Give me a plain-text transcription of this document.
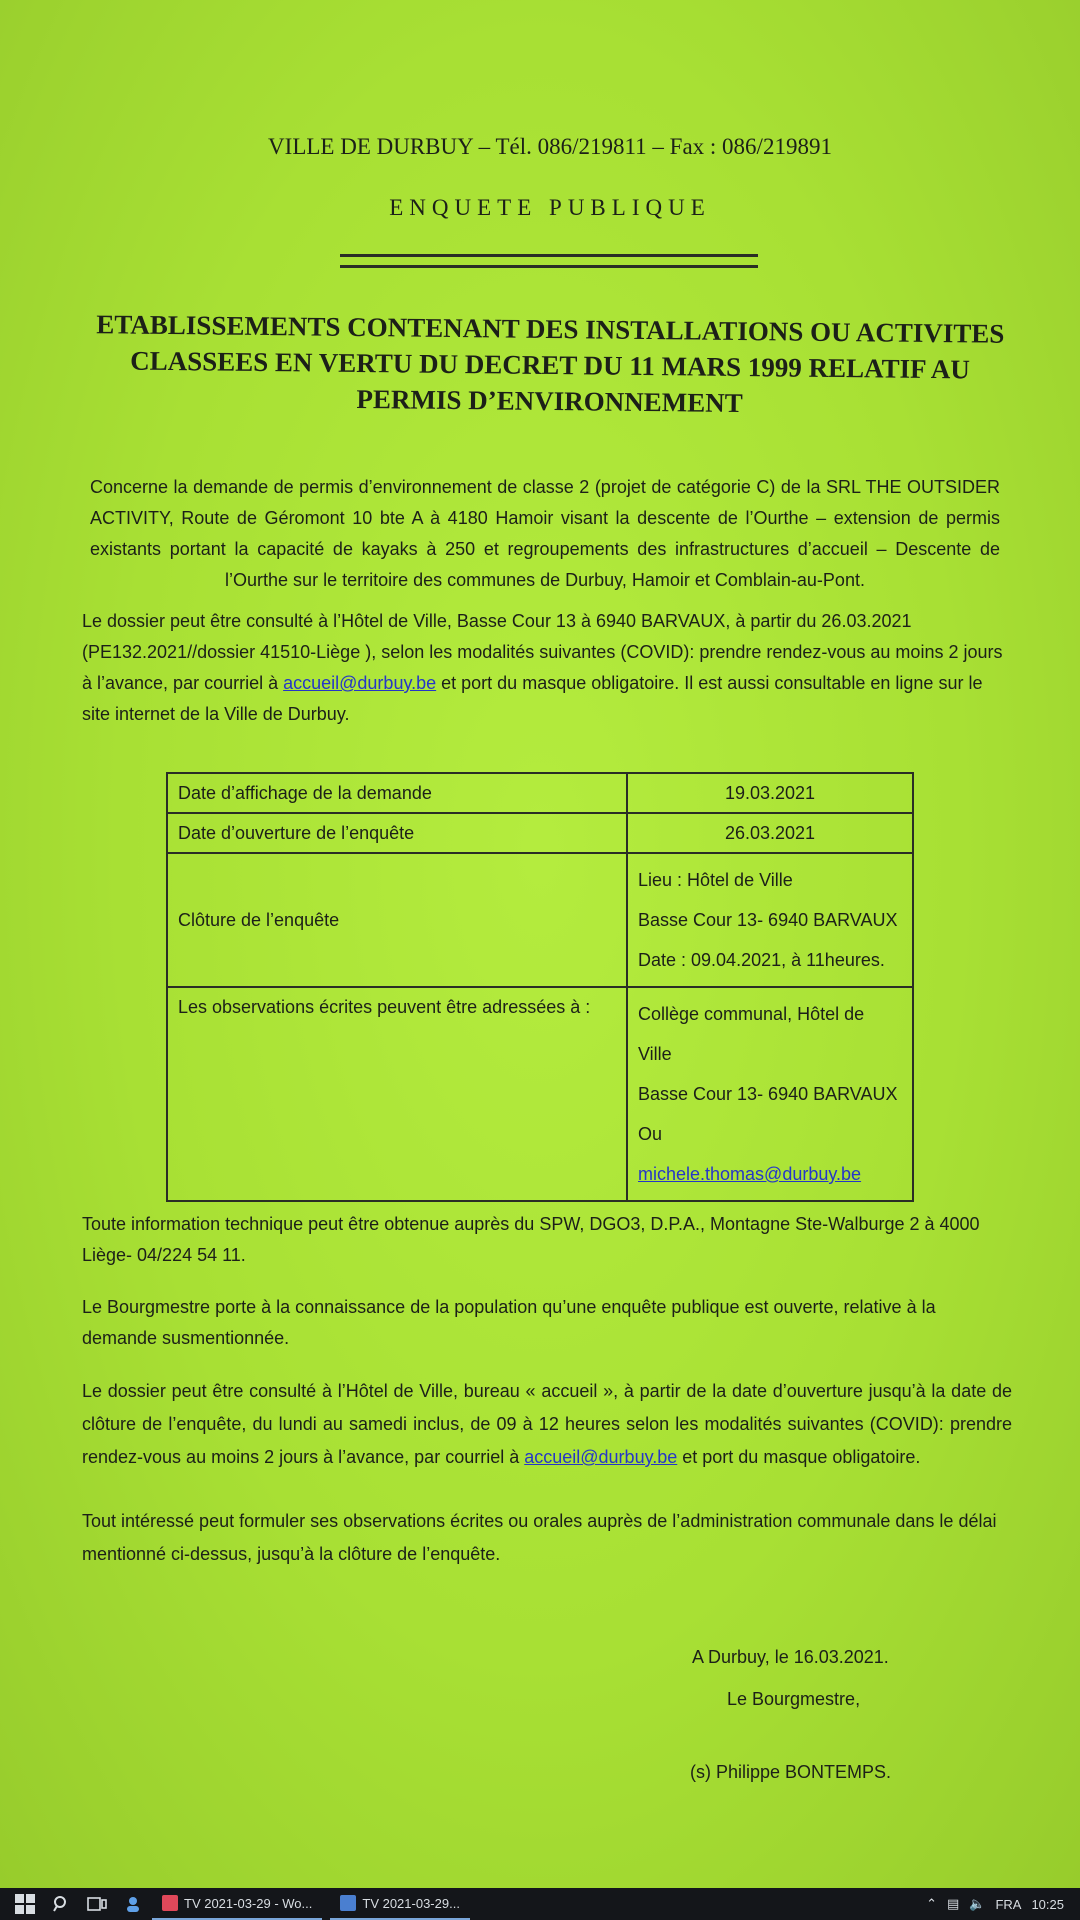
VILLE DE DURBUY – Tél. 086/219811 – Fax : 086/219891
ENQUETE PUBLIQUE
ETABLISSEMENTS CONTENANT DES INSTALLATIONS OU ACTIVITES
CLASSEES EN VERTU DU DECRET DU 11 MARS 1999 RELATIF AU
PERMIS D’ENVIRONNEMENT

Concerne la demande de permis d’environnement de classe 2 (projet de catégorie C) de la SRL THE OUTSIDER ACTIVITY, Route de Géromont 10 bte A à 4180 Hamoir visant la descente de l’Ourthe – extension de permis existants portant la capacité de kayaks à 250 et regroupements des infrastructures d’accueil – Descente de l’Ourthe sur le territoire des communes de Durbuy, Hamoir et Comblain-au-Pont.

Le dossier peut être consulté à l’Hôtel de Ville, Basse Cour 13 à 6940 BARVAUX, à partir du 26.03.2021 (PE132.2021//dossier 41510-Liège ), selon les modalités suivantes (COVID): prendre rendez-vous au moins 2 jours à l’avance, par courriel à accueil@durbuy.be et port du masque obligatoire. Il est aussi consultable en ligne sur le site internet de la Ville de Durbuy.

Date d’affichage de la demande	19.03.2021
Date d’ouverture de l’enquête	26.03.2021
Clôture de l’enquête	Lieu : Hôtel de Ville
Basse Cour 13- 6940 BARVAUX
Date : 09.04.2021, à 11heures.

Les observations écrites peuvent être adressées à :	Collège communal, Hôtel de Ville
Basse Cour 13- 6940 BARVAUX
Ou
michele.thomas@durbuy.be

Toute information technique peut être obtenue auprès du SPW, DGO3, D.P.A., Montagne Ste-Walburge 2 à 4000 Liège- 04/224 54 11.

Le Bourgmestre porte à la connaissance de la population qu’une enquête publique est ouverte, relative à la demande susmentionnée.

Le dossier peut être consulté à l’Hôtel de Ville, bureau « accueil », à partir de la date d’ouverture jusqu’à la date de clôture de l’enquête, du lundi au samedi inclus, de 09 à 12 heures selon les modalités suivantes (COVID): prendre rendez-vous au moins 2 jours à l’avance, par courriel à accueil@durbuy.be et port du masque obligatoire.

Tout intéressé peut formuler ses observations écrites ou orales auprès de l’administration communale dans le délai mentionné ci-dessus, jusqu’à la clôture de l’enquête.

A Durbuy, le 16.03.2021.
Le Bourgmestre,
(s) Philippe BONTEMPS.
TV 2021-03-29 - Wo...	TV 2021-03-29...	⌃ ▤ 🔈 FRA 10:25
